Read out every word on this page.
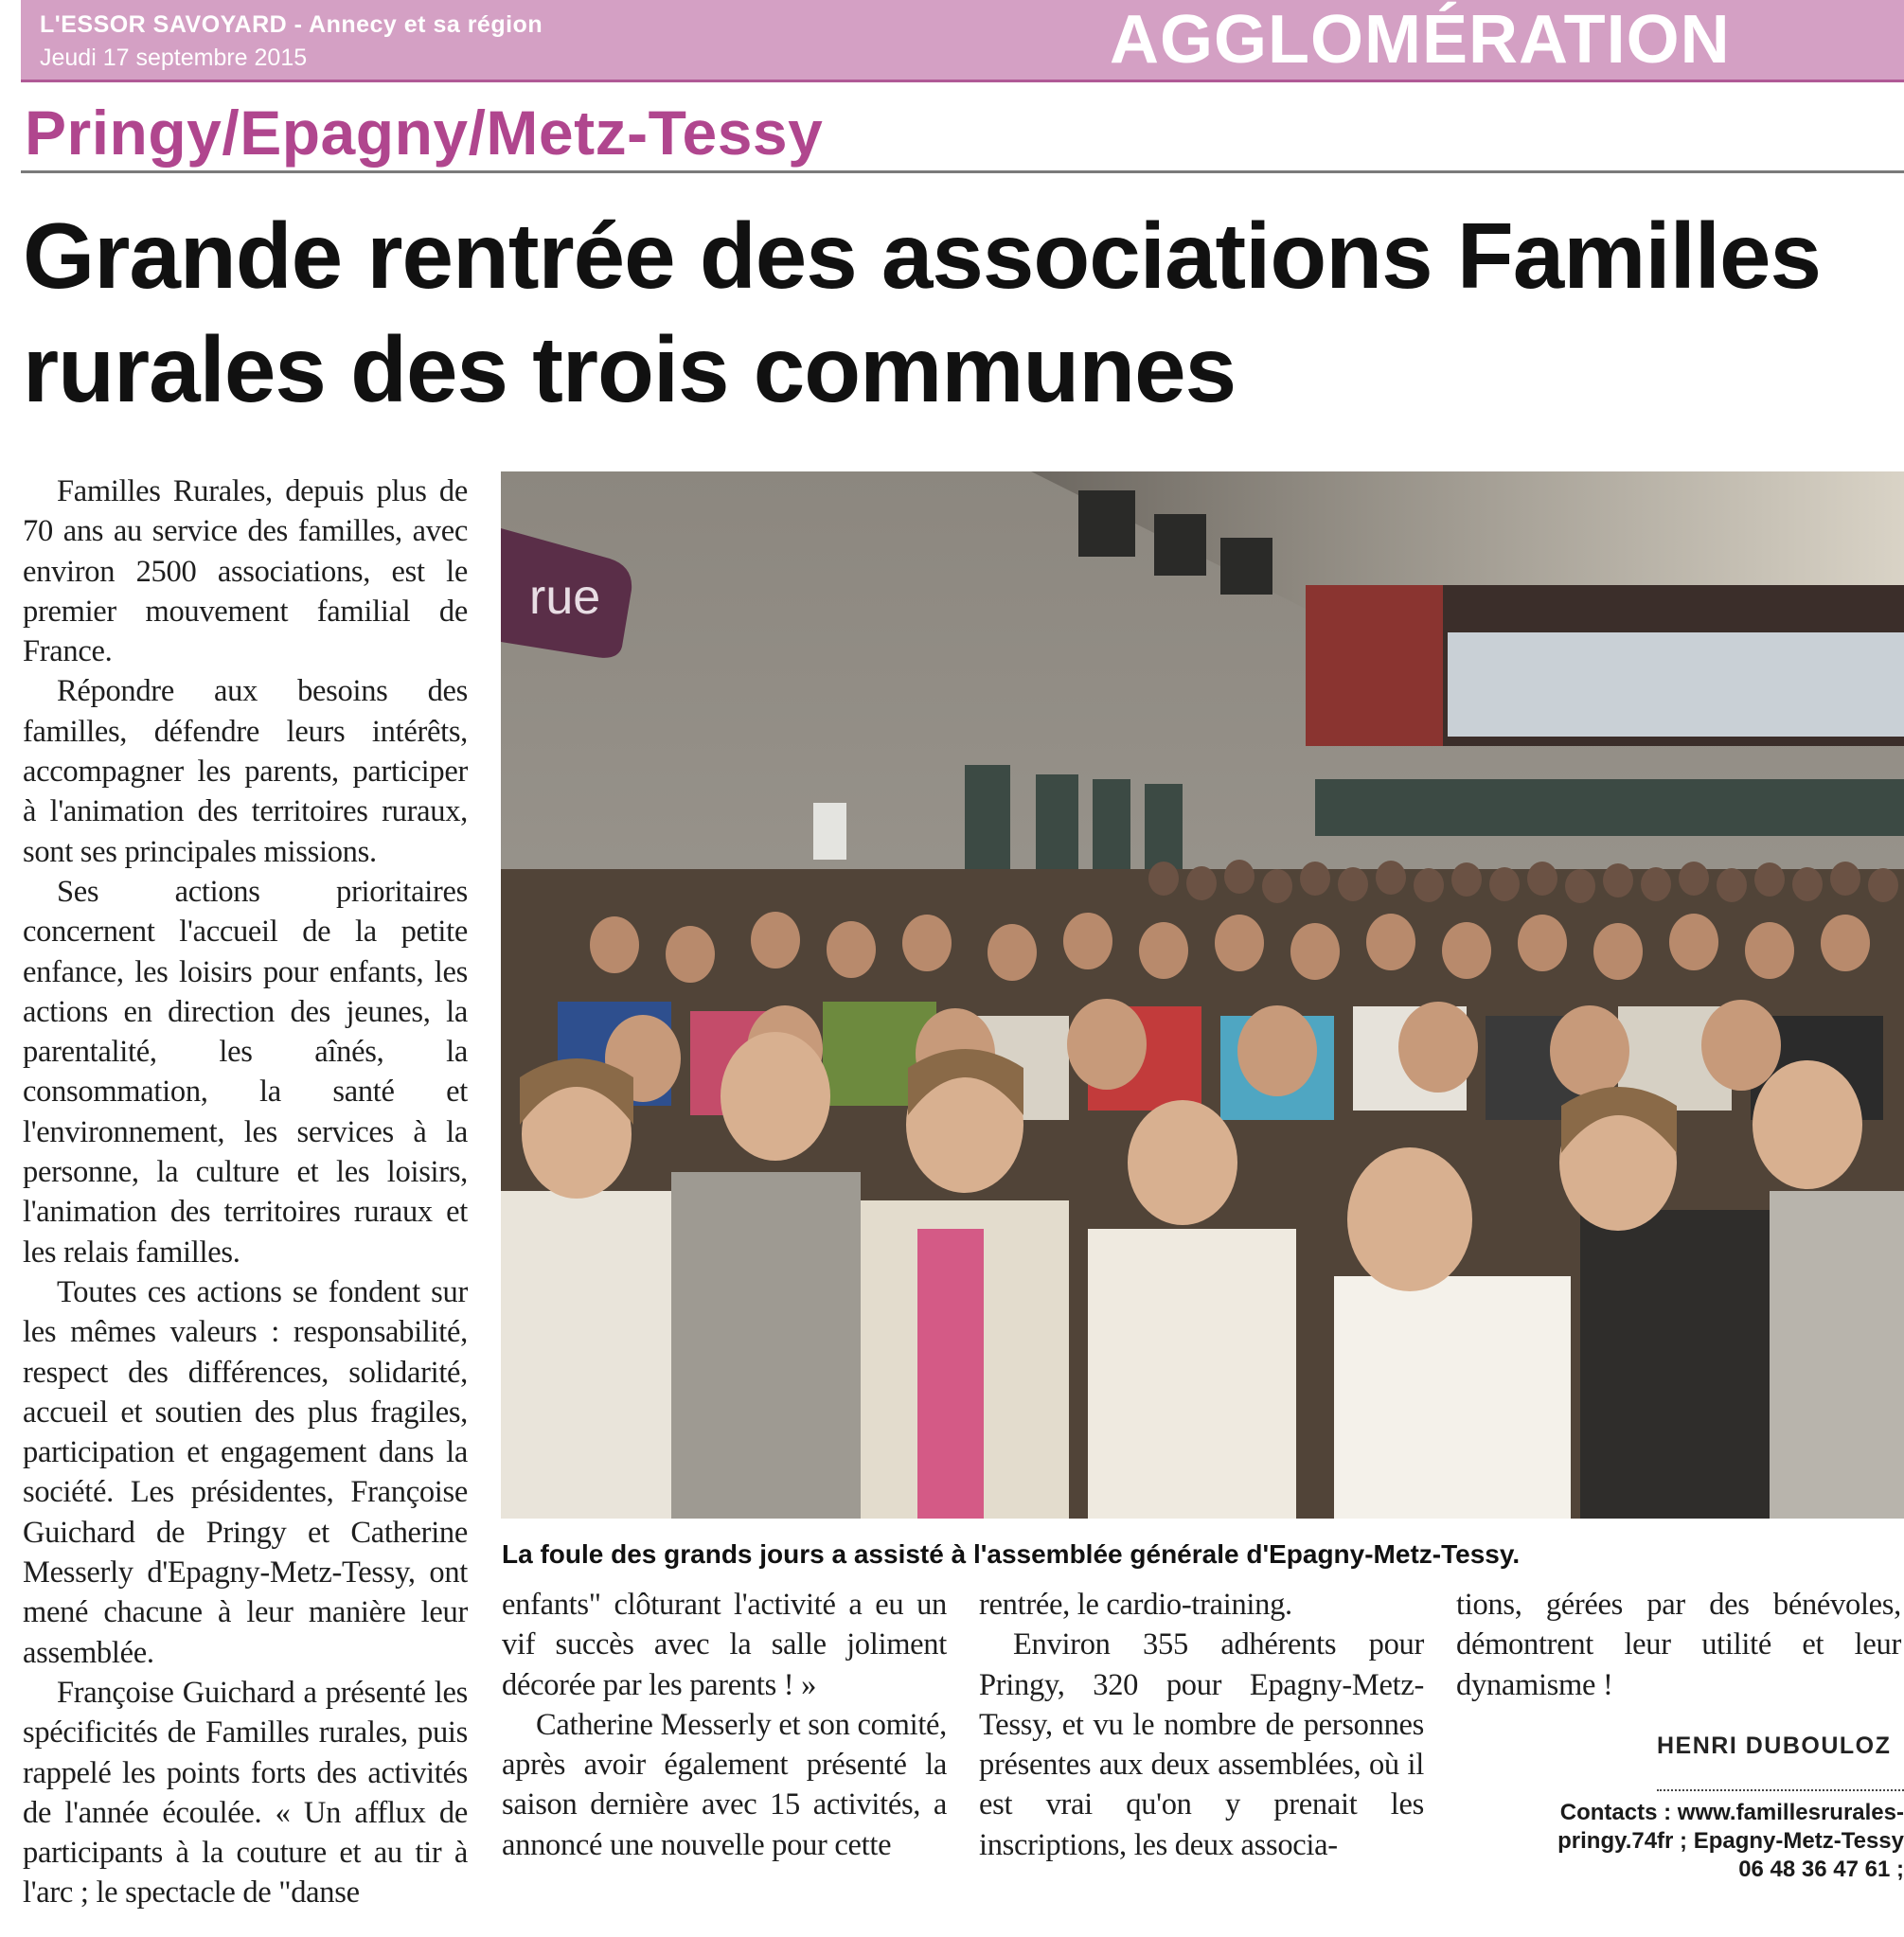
L'ESSOR SAVOYARD - Annecy et sa région
Jeudi 17 septembre 2015	AGGLOMÉRATION
Pringy/Epagny/Metz-Tessy

Grande rentrée des associations Familles rurales des trois communes
rue
La foule des grands jours a assisté à l'assemblée générale d'Epagny-Metz-Tessy.

Familles Rurales, depuis plus de 70 ans au service des familles, avec environ 2500 associations, est le premier mouvement familial de France.

Répondre aux besoins des familles, défendre leurs intérêts, accompagner les parents, participer à l'animation des territoires ruraux, sont ses principales missions.

Ses actions prioritaires concernent l'accueil de la petite enfance, les loisirs pour enfants, les actions en direction des jeunes, la parentalité, les aînés, la consommation, la santé et l'environnement, les services à la personne, la culture et les loisirs, l'animation des territoires ruraux et les relais familles.

Toutes ces actions se fondent sur les mêmes valeurs : responsabilité, respect des différences, solidarité, accueil et soutien des plus fragiles, participation et engagement dans la société. Les présidentes, Françoise Guichard de Pringy et Catherine Messerly d'Epagny-Metz-Tessy, ont mené chacune à leur manière leur assemblée.

Françoise Guichard a présenté les spécificités de Familles rurales, puis rappelé les points forts des activités de l'année écoulée. « Un afflux de participants à la couture et au tir à l'arc ; le spectacle de "danse

enfants" clôturant l'activité a eu un vif succès avec la salle joliment décorée par les parents ! »

Catherine Messerly et son comité, après avoir également présenté la saison dernière avec 15 activités, a annoncé une nouvelle pour cette

rentrée, le cardio-training.

Environ 355 adhérents pour Pringy, 320 pour Epagny-Metz-Tessy, et vu le nombre de personnes présentes aux deux assemblées, où il est vrai qu'on y prenait les inscriptions, les deux associa-

tions, gérées par des bénévoles, démontrent leur utilité et leur dynamisme !

HENRI DUBOULOZ
Contacts : www.famillesrurales-
pringy.74fr ; Epagny-Metz-Tessy
06 48 36 47 61 ;
